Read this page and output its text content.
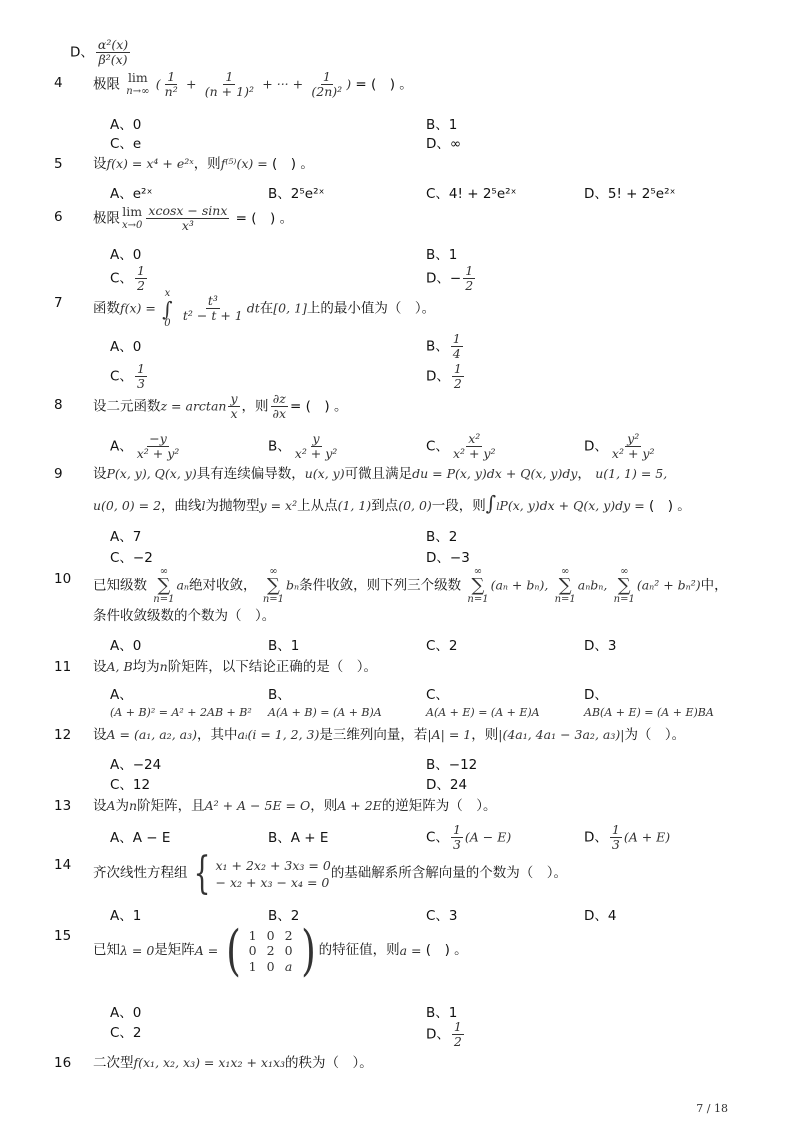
D、 $\frac{\text{α²(x)}}{\text{β²(x)}}$
4 极限 lim
n→∞ ( $\frac{1}{\text{n²}} + \frac{1}{\text{(n + 1)²}}$ + ··· + $\frac{1}{\text{(2n)²}}$ ) = (　) 。
A、0	B、1
C、e	D、∞
5 设f(x) = x⁴ + e²ˣ，则f⁽⁵⁾(x) = (　) 。
A、e²ˣ	B、2⁵e²ˣ	C、4! + 2⁵e²ˣ	D、5! + 2⁵e²ˣ
6 极限 lim
$x\to 0 \frac{xcosx - \sin x}{\text{x³}}$ = (　) 。
A、0	B、1
C、 $\frac{1}{2}$	D、− $\frac{1}{2}$
7 函数f(x) =
x
∫
0

$\frac{\text{t³}}{\text{t² − t + 1}}$ dt在[0, 1]上的最小值为（　）。
A、0	B、 $\frac{1}{4}$
C、 $\frac{1}{3}$	D、 $\frac{1}{2}$
8 设二元函数$z = \arctan \frac{y}{x}$ ，则 $\frac{\partial z}{\partial x}$ = (　) 。
A、 $\frac{-y}{\text{x² + y²}}$	B、 $\frac{y}{\text{x² + y²}}$	C、 $\frac{\text{x²}}{\text{x² + y²}}$	D、 $\frac{\text{y²}}{\text{x² + y²}}$
9 设P(x, y), Q(x, y)具有连续偏导数，u(x, y)可微且满足du = P(x, y)dx + Q(x, y)dy， u(1, 1) = 5,
u(0, 0) = 2，曲线l为抛物型y = x²上从点(1, 1)到点(0, 0)一段，则∫lP(x, y)dx + Q(x, y)dy = (　) 。
A、7	B、2
C、−2	D、−3
10 已知级数
∞
∑
n=1
aₙ绝对收敛，
∞
∑
n=1
bₙ条件收敛，则下列三个级数
∞
∑
n=1
(aₙ + bₙ),
∞
∑
n=1
aₙbₙ,
∞
∑
n=1
(aₙ² + bₙ²)中，
条件收敛级数的个数为（　）。
A、0	B、1	C、2	D、3
11 设A, B均为n阶矩阵，以下结论正确的是（　）。
A、
(A + B)² = A² + 2AB + B²
B、
A(A + B) = (A + B)A
C、
A(A + E) = (A + E)A
D、
AB(A + E) = (A + E)BA
12 设A = (a₁, a₂, a₃)，其中aᵢ(i = 1, 2, 3)是三维列向量，若|A| = 1，则|(4a₁, 4a₁ − 3a₂, a₃)|为（　）。
A、−24	B、−12
C、12	D、24
13 设A为n阶矩阵，且A² + A − 5E = O，则A + 2E的逆矩阵为（　）。
A、A − E	B、A + E	C、 $\frac{1}{3} (A - E)$	D、 $\frac{1}{3} (A + E)$
14
齐次线性方程组 { x₁ + 2x₂ + 3x₃ = 0
− x₂ + x₃ − x₄ = 0
的基础解系所含解向量的个数为（　）。
A、1	B、2	C、3	D、4
15
已知λ = 0是矩阵A = ( 1	0	2
0	2	0
1	0	a ) 的特征值，则a = (　) 。
A、0	B、1
C、2	D、 $\frac{1}{2}$
16 二次型f(x₁, x₂, x₃) = x₁x₂ + x₁x₃的秩为（　）。
7 / 18
